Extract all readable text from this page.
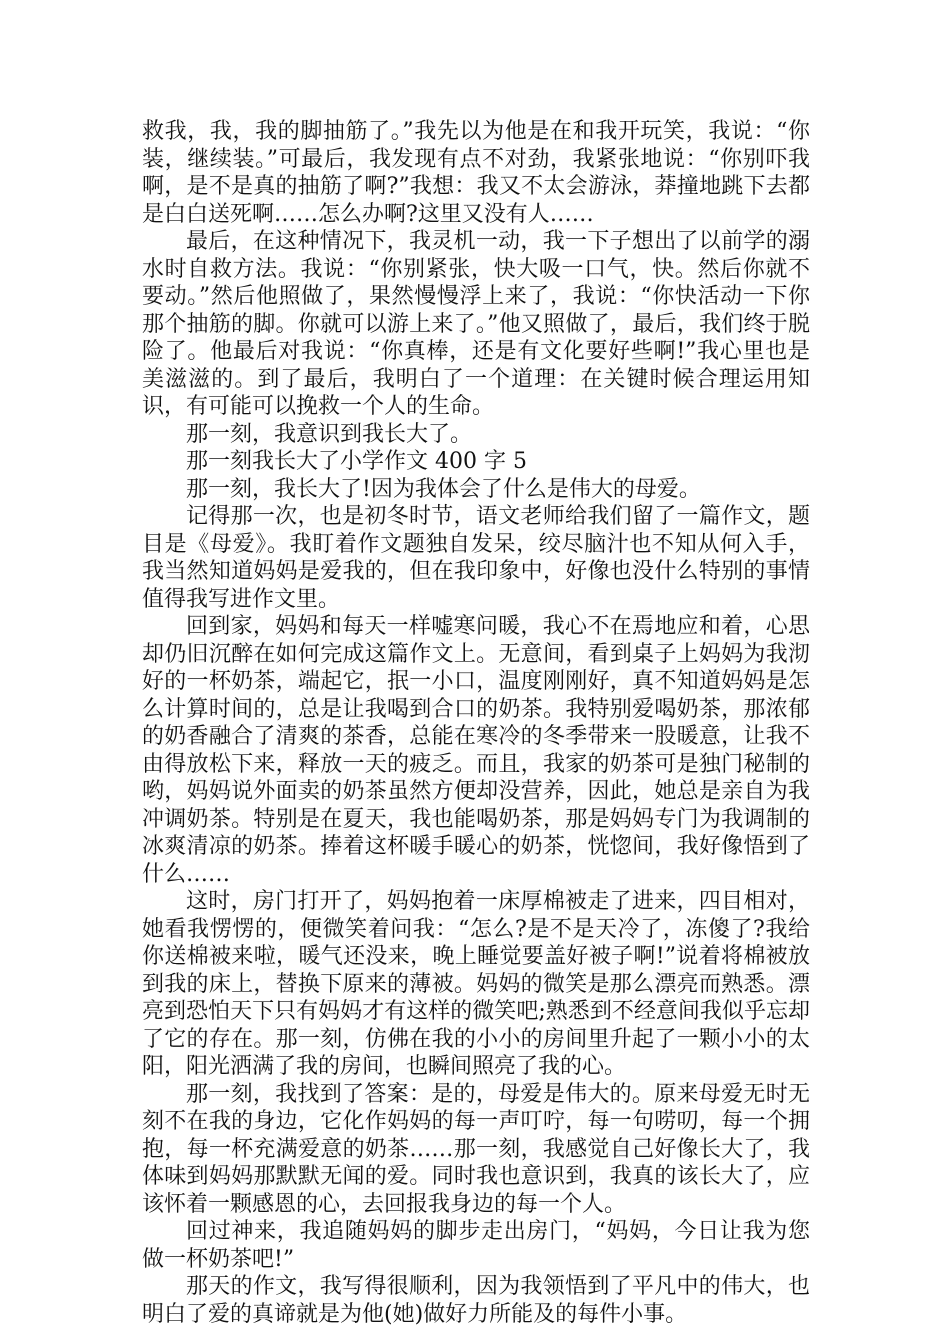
救我，我，我的脚抽筋了。”我先以为他是在和我开玩笑，我说：“你装，继续装。”可最后，我发现有点不对劲，我紧张地说：“你别吓我啊，是不是真的抽筋了啊?”我想：我又不太会游泳，莽撞地跳下去都是白白送死啊……怎么办啊?这里又没有人……

最后，在这种情况下，我灵机一动，我一下子想出了以前学的溺水时自救方法。我说：“你别紧张，快大吸一口气，快。然后你就不要动。”然后他照做了，果然慢慢浮上来了，我说：“你快活动一下你那个抽筋的脚。你就可以游上来了。”他又照做了，最后，我们终于脱险了。他最后对我说：“你真棒，还是有文化要好些啊!”我心里也是美滋滋的。到了最后，我明白了一个道理：在关键时候合理运用知识，有可能可以挽救一个人的生命。

那一刻，我意识到我长大了。

那一刻我长大了小学作文 400 字 5

那一刻，我长大了!因为我体会了什么是伟大的母爱。

记得那一次，也是初冬时节，语文老师给我们留了一篇作文，题目是《母爱》。我盯着作文题独自发呆，绞尽脑汁也不知从何入手，我当然知道妈妈是爱我的，但在我印象中，好像也没什么特别的事情值得我写进作文里。

回到家，妈妈和每天一样嘘寒问暖，我心不在焉地应和着，心思却仍旧沉醉在如何完成这篇作文上。无意间，看到桌子上妈妈为我沏好的一杯奶茶，端起它，抿一小口，温度刚刚好，真不知道妈妈是怎么计算时间的，总是让我喝到合口的奶茶。我特别爱喝奶茶，那浓郁的奶香融合了清爽的茶香，总能在寒冷的冬季带来一股暖意，让我不由得放松下来，释放一天的疲乏。而且，我家的奶茶可是独门秘制的哟，妈妈说外面卖的奶茶虽然方便却没营养，因此，她总是亲自为我冲调奶茶。特别是在夏天，我也能喝奶茶，那是妈妈专门为我调制的冰爽清凉的奶茶。捧着这杯暖手暖心的奶茶，恍惚间，我好像悟到了什么……

这时，房门打开了，妈妈抱着一床厚棉被走了进来，四目相对，她看我愣愣的，便微笑着问我：“怎么?是不是天冷了，冻傻了?我给你送棉被来啦，暖气还没来，晚上睡觉要盖好被子啊!”说着将棉被放到我的床上，替换下原来的薄被。妈妈的微笑是那么漂亮而熟悉。漂亮到恐怕天下只有妈妈才有这样的微笑吧;熟悉到不经意间我似乎忘却了它的存在。那一刻，仿佛在我的小小的房间里升起了一颗小小的太阳，阳光洒满了我的房间，也瞬间照亮了我的心。

那一刻，我找到了答案：是的，母爱是伟大的。原来母爱无时无刻不在我的身边，它化作妈妈的每一声叮咛，每一句唠叨，每一个拥抱，每一杯充满爱意的奶茶……那一刻，我感觉自己好像长大了，我体味到妈妈那默默无闻的爱。同时我也意识到，我真的该长大了，应该怀着一颗感恩的心，去回报我身边的每一个人。

回过神来，我追随妈妈的脚步走出房门，“妈妈，今日让我为您做一杯奶茶吧!”

那天的作文，我写得很顺利，因为我领悟到了平凡中的伟大，也明白了爱的真谛就是为他(她)做好力所能及的每件小事。
